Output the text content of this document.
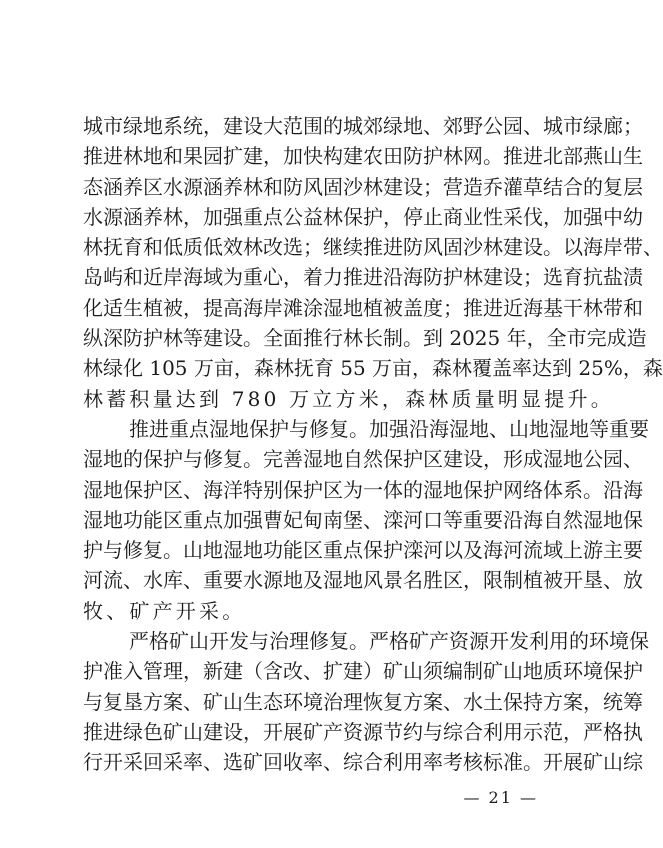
城市绿地系统，建设大范围的城郊绿地、郊野公园、城市绿廊；
推进林地和果园扩建，加快构建农田防护林网。推进北部燕山生
态涵养区水源涵养林和防风固沙林建设；营造乔灌草结合的复层
水源涵养林，加强重点公益林保护，停止商业性采伐，加强中幼
林抚育和低质低效林改选；继续推进防风固沙林建设。以海岸带、
岛屿和近岸海域为重心，着力推进沿海防护林建设；选育抗盐渍
化适生植被，提高海岸滩涂湿地植被盖度；推进近海基干林带和
纵深防护林等建设。全面推行林长制。到 2025 年，全市完成造
林绿化 105 万亩，森林抚育 55 万亩，森林覆盖率达到 25%，森
林蓄积量达到 780 万立方米，森林质量明显提升。
推进重点湿地保护与修复。加强沿海湿地、山地湿地等重要
湿地的保护与修复。完善湿地自然保护区建设，形成湿地公园、
湿地保护区、海洋特别保护区为一体的湿地保护网络体系。沿海
湿地功能区重点加强曹妃甸南堡、滦河口等重要沿海自然湿地保
护与修复。山地湿地功能区重点保护滦河以及海河流域上游主要
河流、水库、重要水源地及湿地风景名胜区，限制植被开垦、放
牧、矿产开采。
严格矿山开发与治理修复。严格矿产资源开发利用的环境保
护准入管理，新建（含改、扩建）矿山须编制矿山地质环境保护
与复垦方案、矿山生态环境治理恢复方案、水土保持方案，统筹
推进绿色矿山建设，开展矿产资源节约与综合利用示范，严格执
行开采回采率、选矿回收率、综合利用率考核标准。开展矿山综
— 21 —
